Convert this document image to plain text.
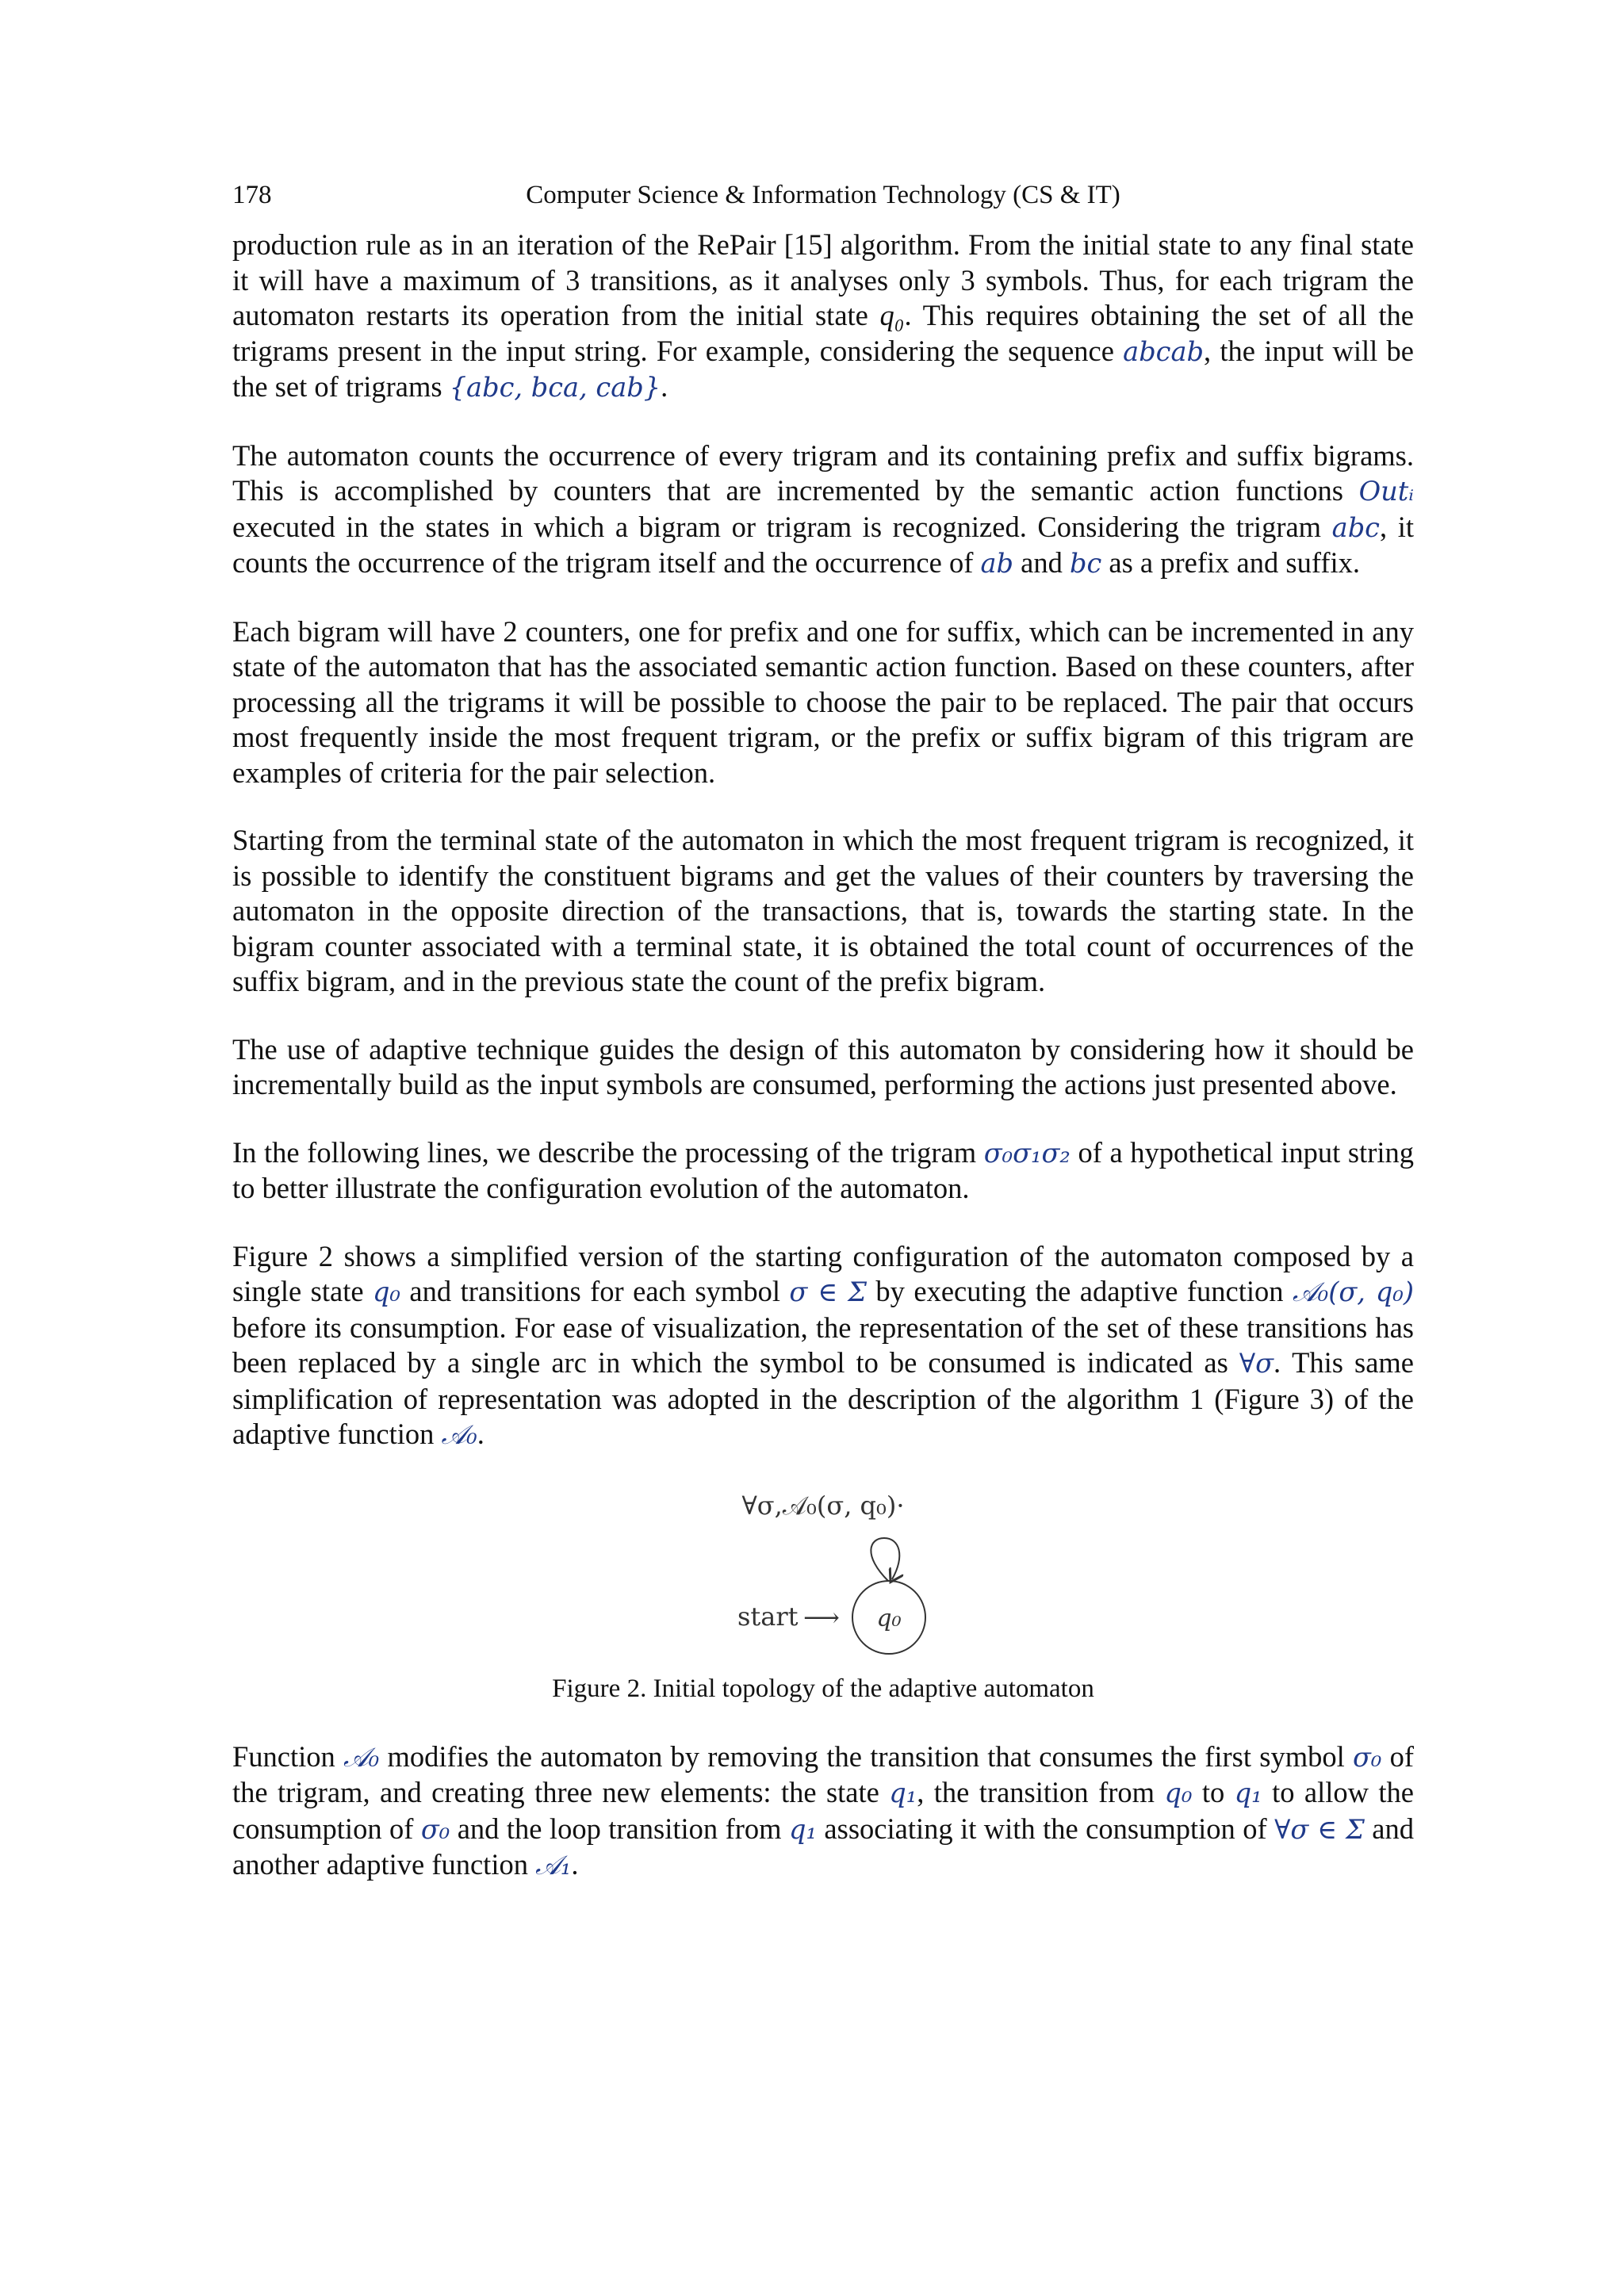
178	Computer Science & Information Technology (CS & IT)

production rule as in an iteration of the RePair [15] algorithm. From the initial state to any final state it will have a maximum of 3 transitions, as it analyses only 3 symbols. Thus, for each trigram the automaton restarts its operation from the initial state q₀. This requires obtaining the set of all the trigrams present in the input string. For example, considering the sequence abcab, the input will be the set of trigrams {abc, bca, cab}.

The automaton counts the occurrence of every trigram and its containing prefix and suffix bigrams. This is accomplished by counters that are incremented by the semantic action functions Outᵢ executed in the states in which a bigram or trigram is recognized. Considering the trigram abc, it counts the occurrence of the trigram itself and the occurrence of ab and bc as a prefix and suffix.

Each bigram will have 2 counters, one for prefix and one for suffix, which can be incremented in any state of the automaton that has the associated semantic action function. Based on these counters, after processing all the trigrams it will be possible to choose the pair to be replaced. The pair that occurs most frequently inside the most frequent trigram, or the prefix or suffix bigram of this trigram are examples of criteria for the pair selection.

Starting from the terminal state of the automaton in which the most frequent trigram is recognized, it is possible to identify the constituent bigrams and get the values of their counters by traversing the automaton in the opposite direction of the transactions, that is, towards the starting state. In the bigram counter associated with a terminal state, it is obtained the total count of occurrences of the suffix bigram, and in the previous state the count of the prefix bigram.

The use of adaptive technique guides the design of this automaton by considering how it should be incrementally build as the input symbols are consumed, performing the actions just presented above.

In the following lines, we describe the processing of the trigram σ₀σ₁σ₂ of a hypothetical input string to better illustrate the configuration evolution of the automaton.

Figure 2 shows a simplified version of the starting configuration of the automaton composed by a single state q₀ and transitions for each symbol σ ∈ Σ by executing the adaptive function 𝒜₀(σ, q₀) before its consumption. For ease of visualization, the representation of the set of these transitions has been replaced by a single arc in which the symbol to be consumed is indicated as ∀σ. This same simplification of representation was adopted in the description of the algorithm 1 (Figure 3) of the adaptive function 𝒜₀.

∀σ,𝒜₀(σ, q₀)·
start ⟶ q₀
Figure 2. Initial topology of the adaptive automaton

Function 𝒜₀ modifies the automaton by removing the transition that consumes the first symbol σ₀ of the trigram, and creating three new elements: the state q₁, the transition from q₀ to q₁ to allow the consumption of σ₀ and the loop transition from q₁ associating it with the consumption of ∀σ ∈ Σ and another adaptive function 𝒜₁.
